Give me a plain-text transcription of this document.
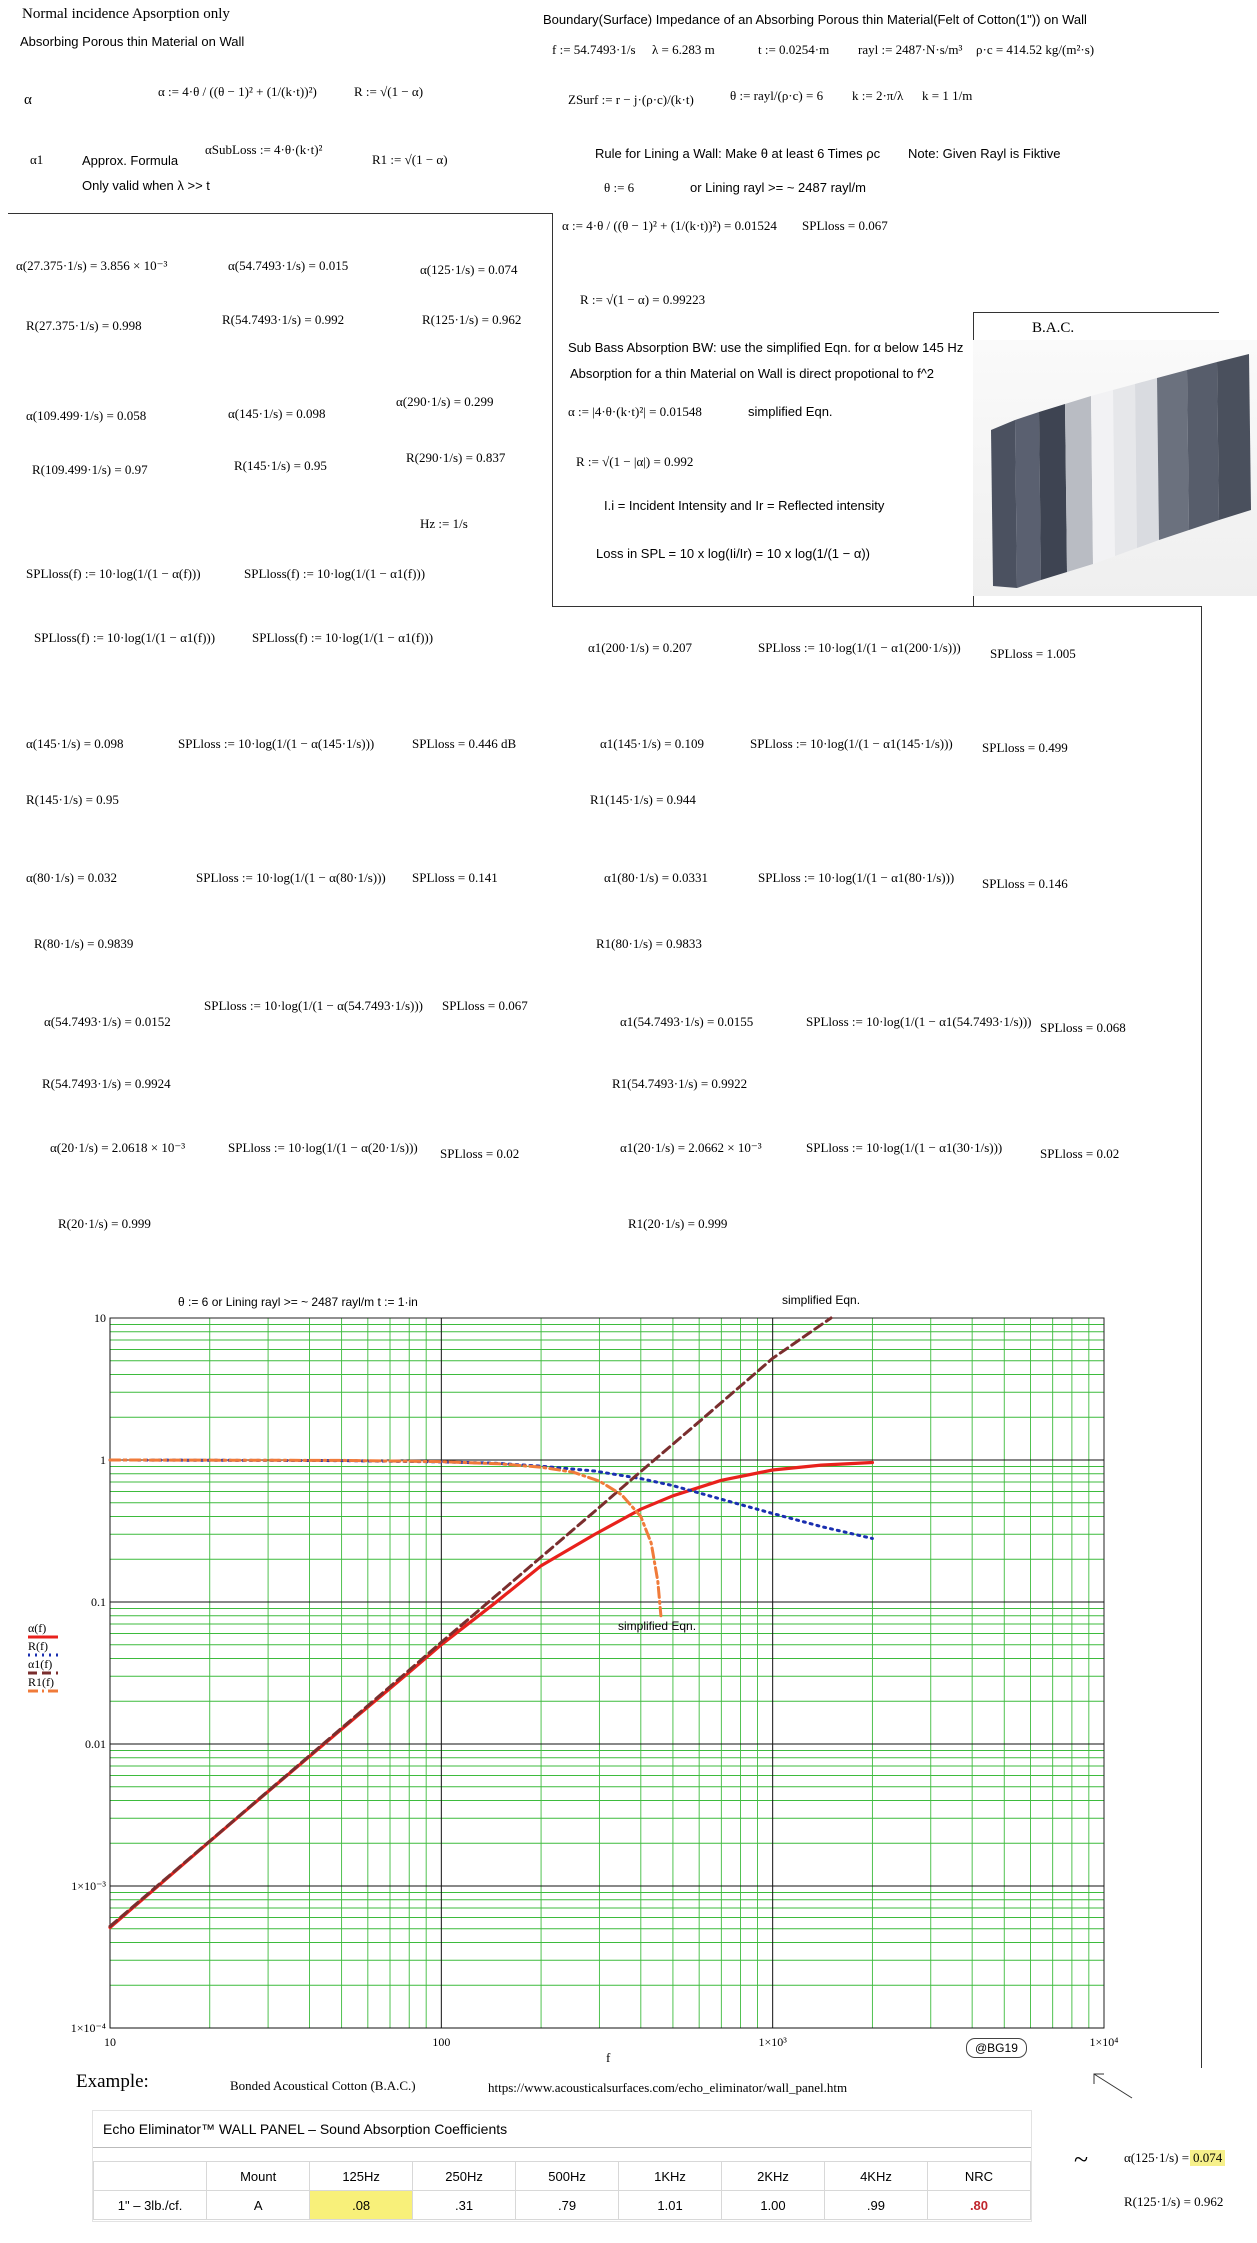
Normal incidence Apsorption only
Absorbing Porous thin Material on Wall
α
α := 4·θ / ((θ − 1)² + (1/(k·t))²)	R := √(1 − α)
α1	Approx. Formula
αSubLoss := 4·θ·(k·t)²
R1 := √(1 − α)
Only valid when λ >> t
Boundary(Surface) Impedance of an Absorbing Porous thin Material(Felt of Cotton(1")) on Wall
f := 54.7493·1/s λ = 6.283 m	t := 0.0254·m rayl := 2487·N·s/m³ ρ·c = 414.52 kg/(m²·s)
ZSurf := r − j·(ρ·c)/(k·t)	θ := rayl/(ρ·c) = 6 k := 2·π/λ k = 1 1/m
Rule for Lining a Wall: Make θ at least 6 Times ρc Note: Given Rayl is Fiktive
θ := 6	or Lining rayl >= ~ 2487 rayl/m
α := 4·θ / ((θ − 1)² + (1/(k·t))²) = 0.01524 SPLloss = 0.067
R := √(1 − α) = 0.99223
Sub Bass Absorption BW: use the simplified Eqn. for α below 145 Hz
Absorption for a thin Material on Wall is direct propotional to f^2
α := |4·θ·(k·t)²| = 0.01548	simplified Eqn.
R := √(1 − |α|) = 0.992
I.i = Incident Intensity and Ir = Reflected intensity
Loss in SPL = 10 x log(Ii/Ir) = 10 x log(1/(1 − α))
B.A.C.
α(27.375·1/s) = 3.856 × 10⁻³	α(54.7493·1/s) = 0.015	α(125·1/s) = 0.074
R(27.375·1/s) = 0.998	R(54.7493·1/s) = 0.992	R(125·1/s) = 0.962
α(109.499·1/s) = 0.058	α(145·1/s) = 0.098
α(290·1/s) = 0.299
R(109.499·1/s) = 0.97	R(145·1/s) = 0.95
R(290·1/s) = 0.837
Hz := 1/s
SPLloss(f) := 10·log(1/(1 − α(f)))	SPLloss(f) := 10·log(1/(1 − α1(f)))
SPLloss(f) := 10·log(1/(1 − α1(f)))	SPLloss(f) := 10·log(1/(1 − α1(f)))
α1(200·1/s) = 0.207	SPLloss := 10·log(1/(1 − α1(200·1/s))) SPLloss = 1.005
α(145·1/s) = 0.098	SPLloss := 10·log(1/(1 − α(145·1/s)))	SPLloss = 0.446 dB
R(145·1/s) = 0.95
α1(145·1/s) = 0.109	SPLloss := 10·log(1/(1 − α1(145·1/s))) SPLloss = 0.499
R1(145·1/s) = 0.944
α(80·1/s) = 0.032	SPLloss := 10·log(1/(1 − α(80·1/s))) SPLloss = 0.141
R(80·1/s) = 0.9839
α1(80·1/s) = 0.0331	SPLloss := 10·log(1/(1 − α1(80·1/s))) SPLloss = 0.146
R1(80·1/s) = 0.9833
α(54.7493·1/s) = 0.0152
SPLloss := 10·log(1/(1 − α(54.7493·1/s))) SPLloss = 0.067
R(54.7493·1/s) = 0.9924
α1(54.7493·1/s) = 0.0155	SPLloss := 10·log(1/(1 − α1(54.7493·1/s))) SPLloss = 0.068
R1(54.7493·1/s) = 0.9922
α(20·1/s) = 2.0618 × 10⁻³	SPLloss := 10·log(1/(1 − α(20·1/s))) SPLloss = 0.02
R(20·1/s) = 0.999
α1(20·1/s) = 2.0662 × 10⁻³	SPLloss := 10·log(1/(1 − α1(30·1/s)))	SPLloss = 0.02
R1(20·1/s) = 0.999
10	100	1×10³	1×10⁴
10
1
0.1
0.01
1×10⁻³
1×10⁻⁴
θ := 6 or Lining rayl >= ~ 2487 rayl/m t := 1·in	simplified Eqn.
simplified Eqn.
f
α(f)
R(f)
α1(f)
R1(f)
@BG19
Example:	Bonded Acoustical Cotton (B.A.C.)	https://www.acousticalsurfaces.com/echo_eliminator/wall_panel.htm
Echo Eliminator™ WALL PANEL – Sound Absorption Coefficients
	Mount	125Hz	250Hz	500Hz	1KHz	2KHz	4KHz	NRC
1" – 3lb./cf.	A	.08	.31	.79	1.01	1.00	.99	.80
~	α(125·1/s) = 0.074
R(125·1/s) = 0.962
